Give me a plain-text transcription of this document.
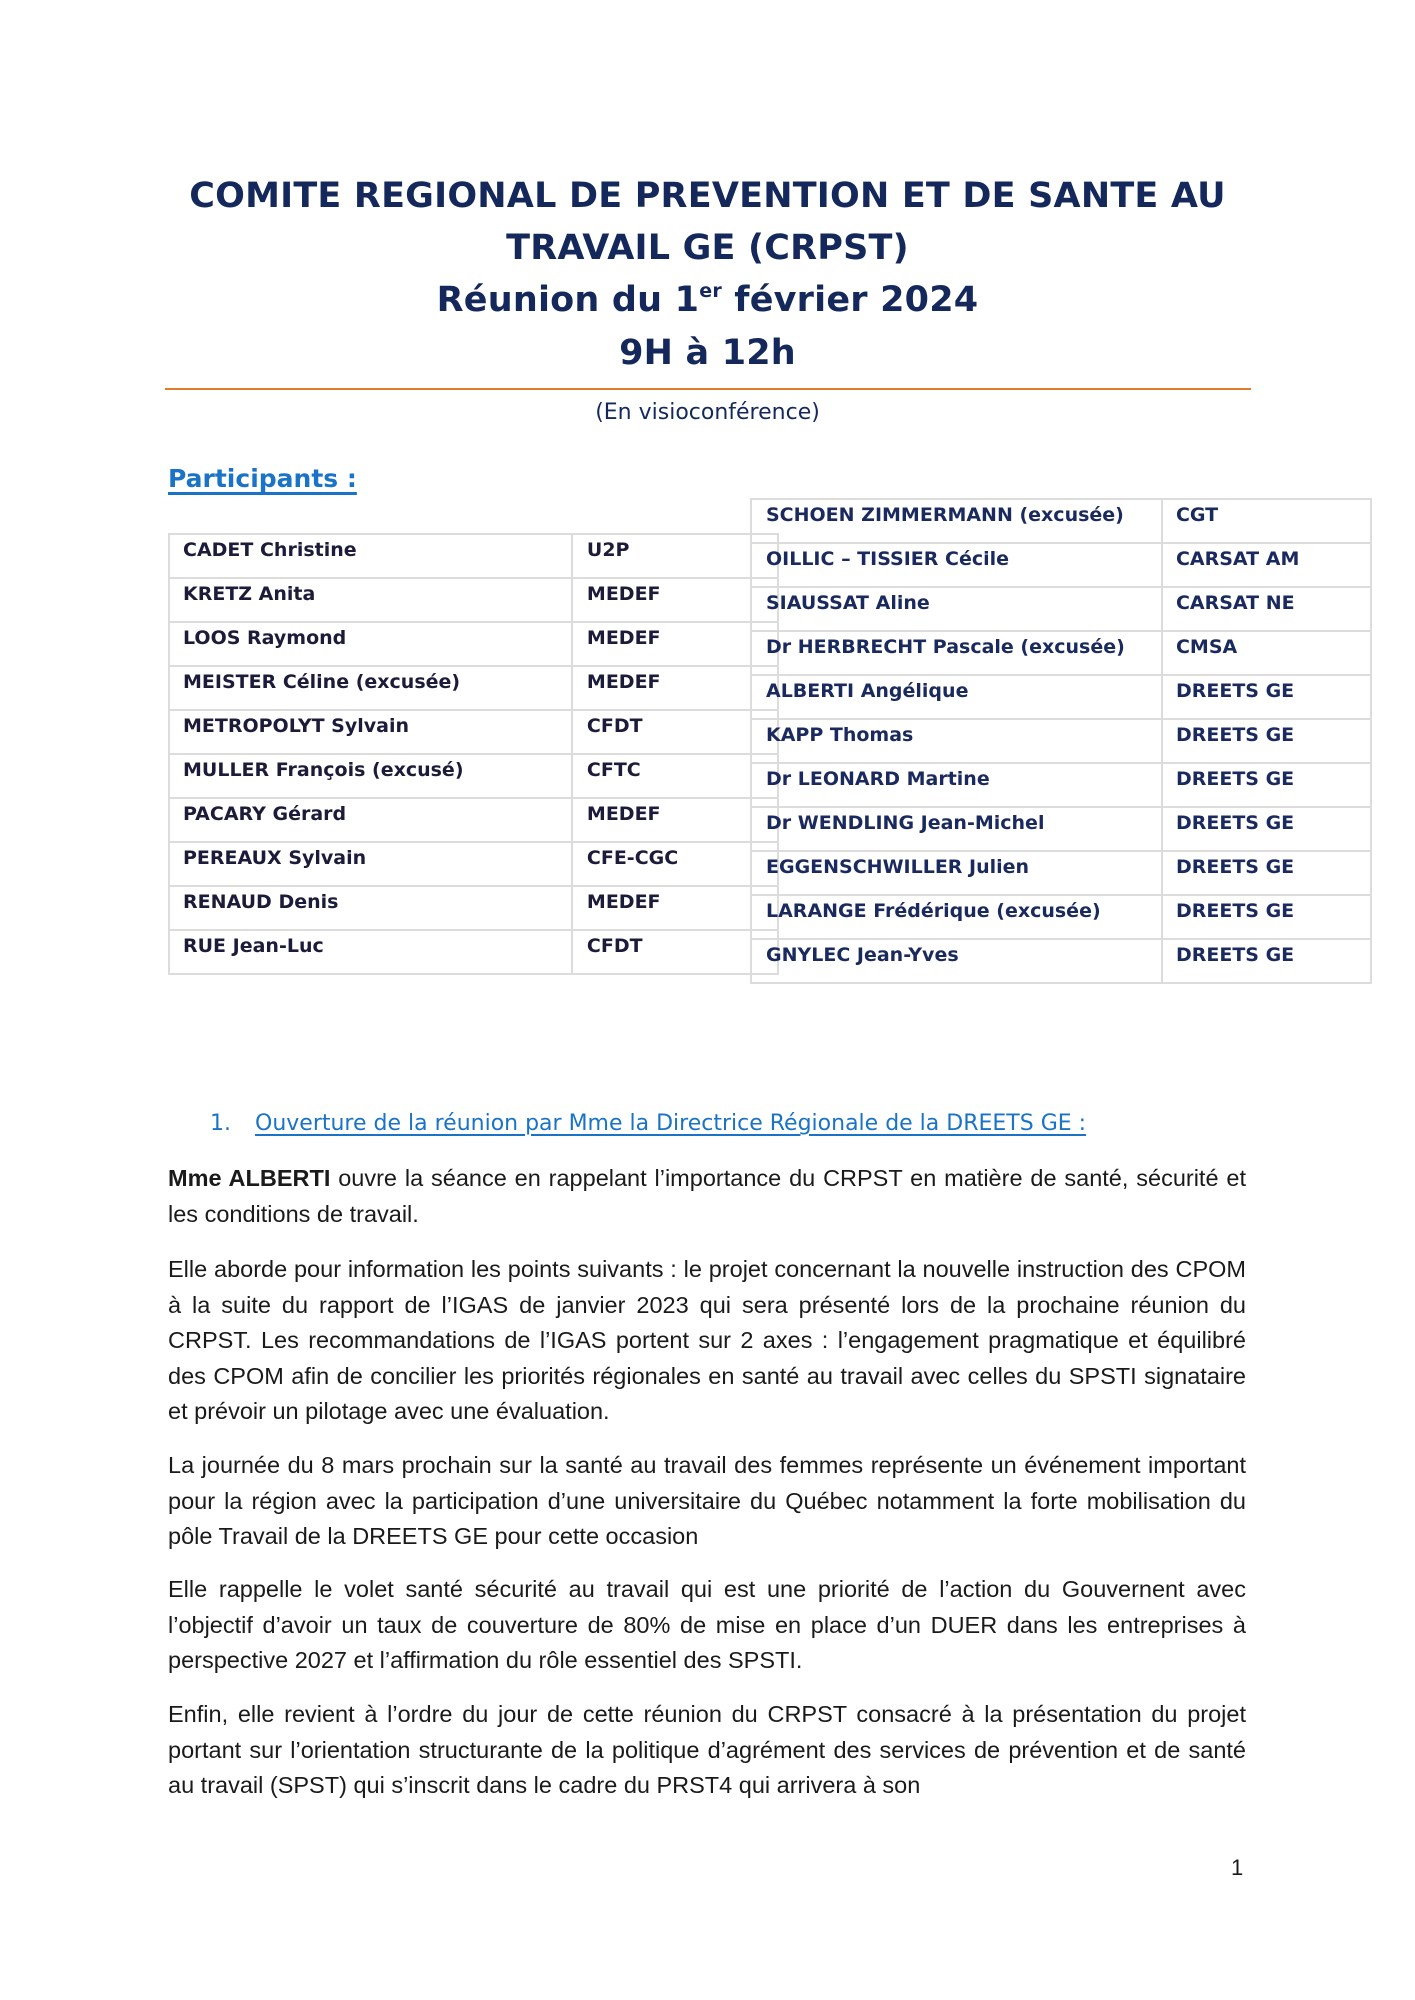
COMITE REGIONAL DE PREVENTION ET DE SANTE AU
TRAVAIL GE (CRPST)
Réunion du 1er février 2024
9H à 12h
(En visioconférence)
Participants :
CADET Christine	U2P
KRETZ Anita	MEDEF
LOOS Raymond	MEDEF
MEISTER Céline (excusée)	MEDEF
METROPOLYT Sylvain	CFDT
MULLER François (excusé)	CFTC
PACARY Gérard	MEDEF
PEREAUX Sylvain	CFE-CGC
RENAUD Denis	MEDEF
RUE Jean-Luc	CFDT
SCHOEN ZIMMERMANN (excusée)	CGT
OILLIC – TISSIER Cécile	CARSAT AM
SIAUSSAT Aline	CARSAT NE
Dr HERBRECHT Pascale (excusée)	CMSA
ALBERTI Angélique	DREETS GE
KAPP Thomas	DREETS GE
Dr LEONARD Martine	DREETS GE
Dr WENDLING Jean-Michel	DREETS GE
EGGENSCHWILLER Julien	DREETS GE
LARANGE Frédérique (excusée)	DREETS GE
GNYLEC Jean-Yves	DREETS GE
1. Ouverture de la réunion par Mme la Directrice Régionale de la DREETS GE :

Mme ALBERTI ouvre la séance en rappelant l’importance du CRPST en matière de santé, sécurité et les conditions de travail.

Elle aborde pour information les points suivants : le projet concernant la nouvelle instruction des CPOM à la suite du rapport de l’IGAS de janvier 2023 qui sera présenté lors de la prochaine réunion du CRPST. Les recommandations de l’IGAS portent sur 2 axes : l’engagement pragmatique et équilibré des CPOM afin de concilier les priorités régionales en santé au travail avec celles du SPSTI signataire et prévoir un pilotage avec une évaluation.

La journée du 8 mars prochain sur la santé au travail des femmes représente un événement important pour la région avec la participation d’une universitaire du Québec notamment la forte mobilisation du pôle Travail de la DREETS GE pour cette occasion

Elle rappelle le volet santé sécurité au travail qui est une priorité de l’action du Gouvernent avec l’objectif d’avoir un taux de couverture de 80% de mise en place d’un DUER dans les entreprises à perspective 2027 et l’affirmation du rôle essentiel des SPSTI.

Enfin, elle revient à l’ordre du jour de cette réunion du CRPST consacré à la présentation du projet portant sur l’orientation structurante de la politique d’agrément des services de prévention et de santé au travail (SPST) qui s’inscrit dans le cadre du PRST4 qui arrivera à son

1
